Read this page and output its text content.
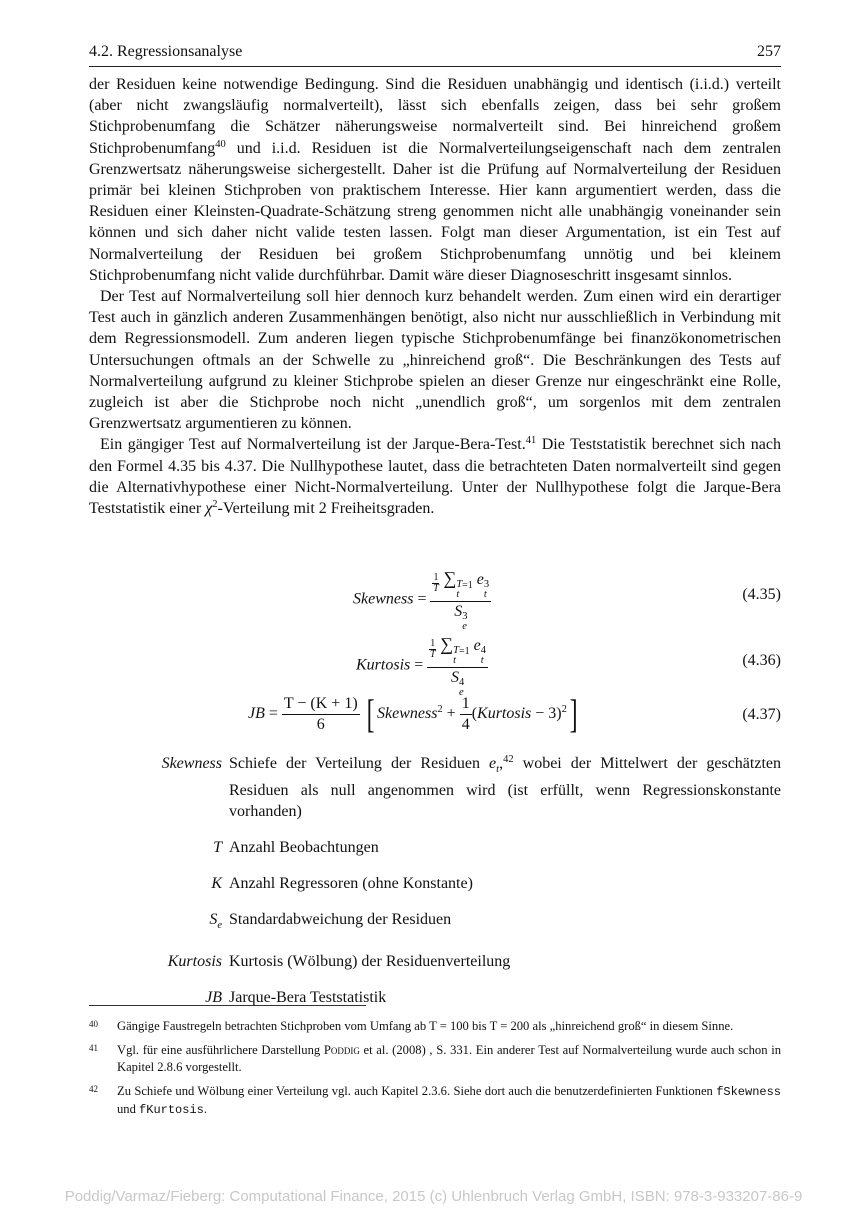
4.2. Regressionsanalyse	257

der Residuen keine notwendige Bedingung. Sind die Residuen unabhängig und identisch (i.i.d.) verteilt (aber nicht zwangsläufig normalverteilt), lässt sich ebenfalls zeigen, dass bei sehr großem Stichprobenumfang die Schätzer näherungsweise normalverteilt sind. Bei hinreichend großem Stichprobenumfang$^{40}$ und i.i.d. Residuen ist die Normalverteilungseigenschaft nach dem zentralen Grenzwertsatz näherungsweise sichergestellt. Daher ist die Prüfung auf Normalverteilung der Residuen primär bei kleinen Stichproben von praktischem Interesse. Hier kann argumentiert werden, dass die Residuen einer Kleinsten-Quadrate-Schätzung streng genommen nicht alle unabhängig voneinander sein können und sich daher nicht valide testen lassen. Folgt man dieser Argumentation, ist ein Test auf Normalverteilung der Residuen bei großem Stichprobenumfang unnötig und bei kleinem Stichprobenumfang nicht valide durchführbar. Damit wäre dieser Diagnoseschritt insgesamt sinnlos.

Der Test auf Normalverteilung soll hier dennoch kurz behandelt werden. Zum einen wird ein derartiger Test auch in gänzlich anderen Zusammenhängen benötigt, also nicht nur ausschließlich in Verbindung mit dem Regressionsmodell. Zum anderen liegen typische Stichprobenumfänge bei finanzökonometrischen Untersuchungen oftmals an der Schwelle zu „hinreichend groß“. Die Beschränkungen des Tests auf Normalverteilung aufgrund zu kleiner Stichprobe spielen an dieser Grenze nur eingeschränkt eine Rolle, zugleich ist aber die Stichprobe noch nicht „unendlich groß“, um sorgenlos mit dem zentralen Grenzwertsatz argumentieren zu können.

Ein gängiger Test auf Normalverteilung ist der Jarque-Bera-Test.$^{41}$ Die Teststatistik berechnet sich nach den Formel 4.35 bis 4.37. Die Nullhypothese lautet, dass die betrachteten Daten normalverteilt sind gegen die Alternativhypothese einer Nicht-Normalverteilung. Unter der Nullhypothese folgt die Jarque-Bera Teststatistik einer $\chi^2$-Verteilung mit 2 Freiheitsgraden.

Skewness = $\frac{1}{T}$ ∑ T
t
$_{=1}$ e 3
t
S 3
e	(4.35)
Kurtosis = $\frac{1}{T}$ ∑ T
t
$_{=1}$ e 4
t
S 4
e	(4.36)
JB = $\frac{T - (K + 1)}{6}$ [ Skewness$^2$ + $\frac{1}{4}$ (Kurtosis − 3)$^2$]	(4.37)
Skewness Schiefe der Verteilung der Residuen $e_t,^{42}$ wobei der Mittelwert der geschätzten Residuen als null angenommen wird (ist erfüllt, wenn Regressionskonstante vorhanden)
T Anzahl Beobachtungen
K Anzahl Regressoren (ohne Konstante)
$S_e$ Standardabweichung der Residuen
Kurtosis Kurtosis (Wölbung) der Residuenverteilung
JB Jarque-Bera Teststatistik
40	Gängige Faustregeln betrachten Stichproben vom Umfang ab T = 100 bis T = 200 als „hinreichend groß“ in diesem Sinne.
41	Vgl. für eine ausführlichere Darstellung Poddig et al. (2008) , S. 331. Ein anderer Test auf Normalverteilung wurde auch schon in Kapitel 2.8.6 vorgestellt.
42	Zu Schiefe und Wölbung einer Verteilung vgl. auch Kapitel 2.3.6. Siehe dort auch die benutzerdefinierten Funktionen fSkewness und fKurtosis.
Poddig/Varmaz/Fieberg: Computational Finance, 2015 (c) Uhlenbruch Verlag GmbH, ISBN: 978-3-933207-86-9
